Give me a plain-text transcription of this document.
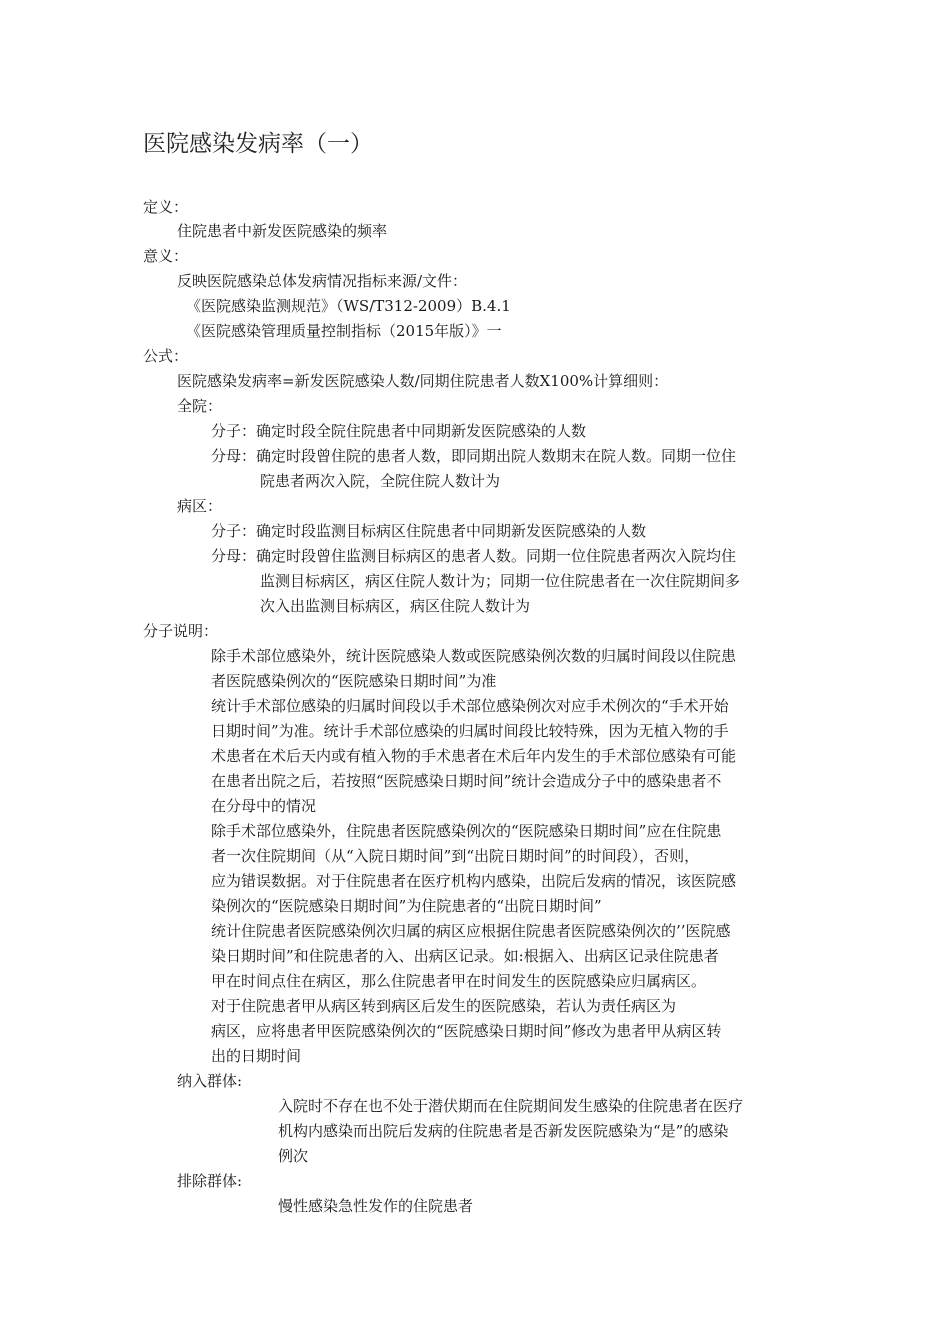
医院感染发病率（一）
定义：
住院患者中新发医院感染的频率
意义：
反映医院感染总体发病情况指标来源/文件：
《医院感染监测规范》（WS/T312-2009）B.4.1
《医院感染管理质量控制指标（2015年版）》一
公式：
医院感染发病率=新发医院感染人数/同期住院患者人数X100%计算细则：
全院：
分子：确定时段全院住院患者中同期新发医院感染的人数
分母：确定时段曾住院的患者人数，即同期出院人数期末在院人数。同期一位住
院患者两次入院，全院住院人数计为
病区：
分子：确定时段监测目标病区住院患者中同期新发医院感染的人数
分母：确定时段曾住监测目标病区的患者人数。同期一位住院患者两次入院均住
监测目标病区，病区住院人数计为；同期一位住院患者在一次住院期间多
次入出监测目标病区，病区住院人数计为
分子说明：
除手术部位感染外，统计医院感染人数或医院感染例次数的归属时间段以住院患
者医院感染例次的“医院感染日期时间”为准
统计手术部位感染的归属时间段以手术部位感染例次对应手术例次的“手术开始
日期时间”为准。统计手术部位感染的归属时间段比较特殊，因为无植入物的手
术患者在术后天内或有植入物的手术患者在术后年内发生的手术部位感染有可能
在患者出院之后，若按照“医院感染日期时间”统计会造成分子中的感染患者不
在分母中的情况
除手术部位感染外，住院患者医院感染例次的“医院感染日期时间”应在住院患
者一次住院期间（从“入院日期时间”到“出院日期时间”的时间段），否则，
应为错误数据。对于住院患者在医疗机构内感染，出院后发病的情况，该医院感
染例次的“医院感染日期时间”为住院患者的“出院日期时间”
统计住院患者医院感染例次归属的病区应根据住院患者医院感染例次的’’医院感
染日期时间”和住院患者的入、出病区记录。如:根据入、出病区记录住院患者
甲在时间点住在病区，那么住院患者甲在时间发生的医院感染应归属病区。
对于住院患者甲从病区转到病区后发生的医院感染，若认为责任病区为
病区，应将患者甲医院感染例次的“医院感染日期时间”修改为患者甲从病区转
出的日期时间
纳入群体:
入院时不存在也不处于潜伏期而在住院期间发生感染的住院患者在医疗
机构内感染而出院后发病的住院患者是否新发医院感染为“是”的感染
例次
排除群体:
慢性感染急性发作的住院患者
